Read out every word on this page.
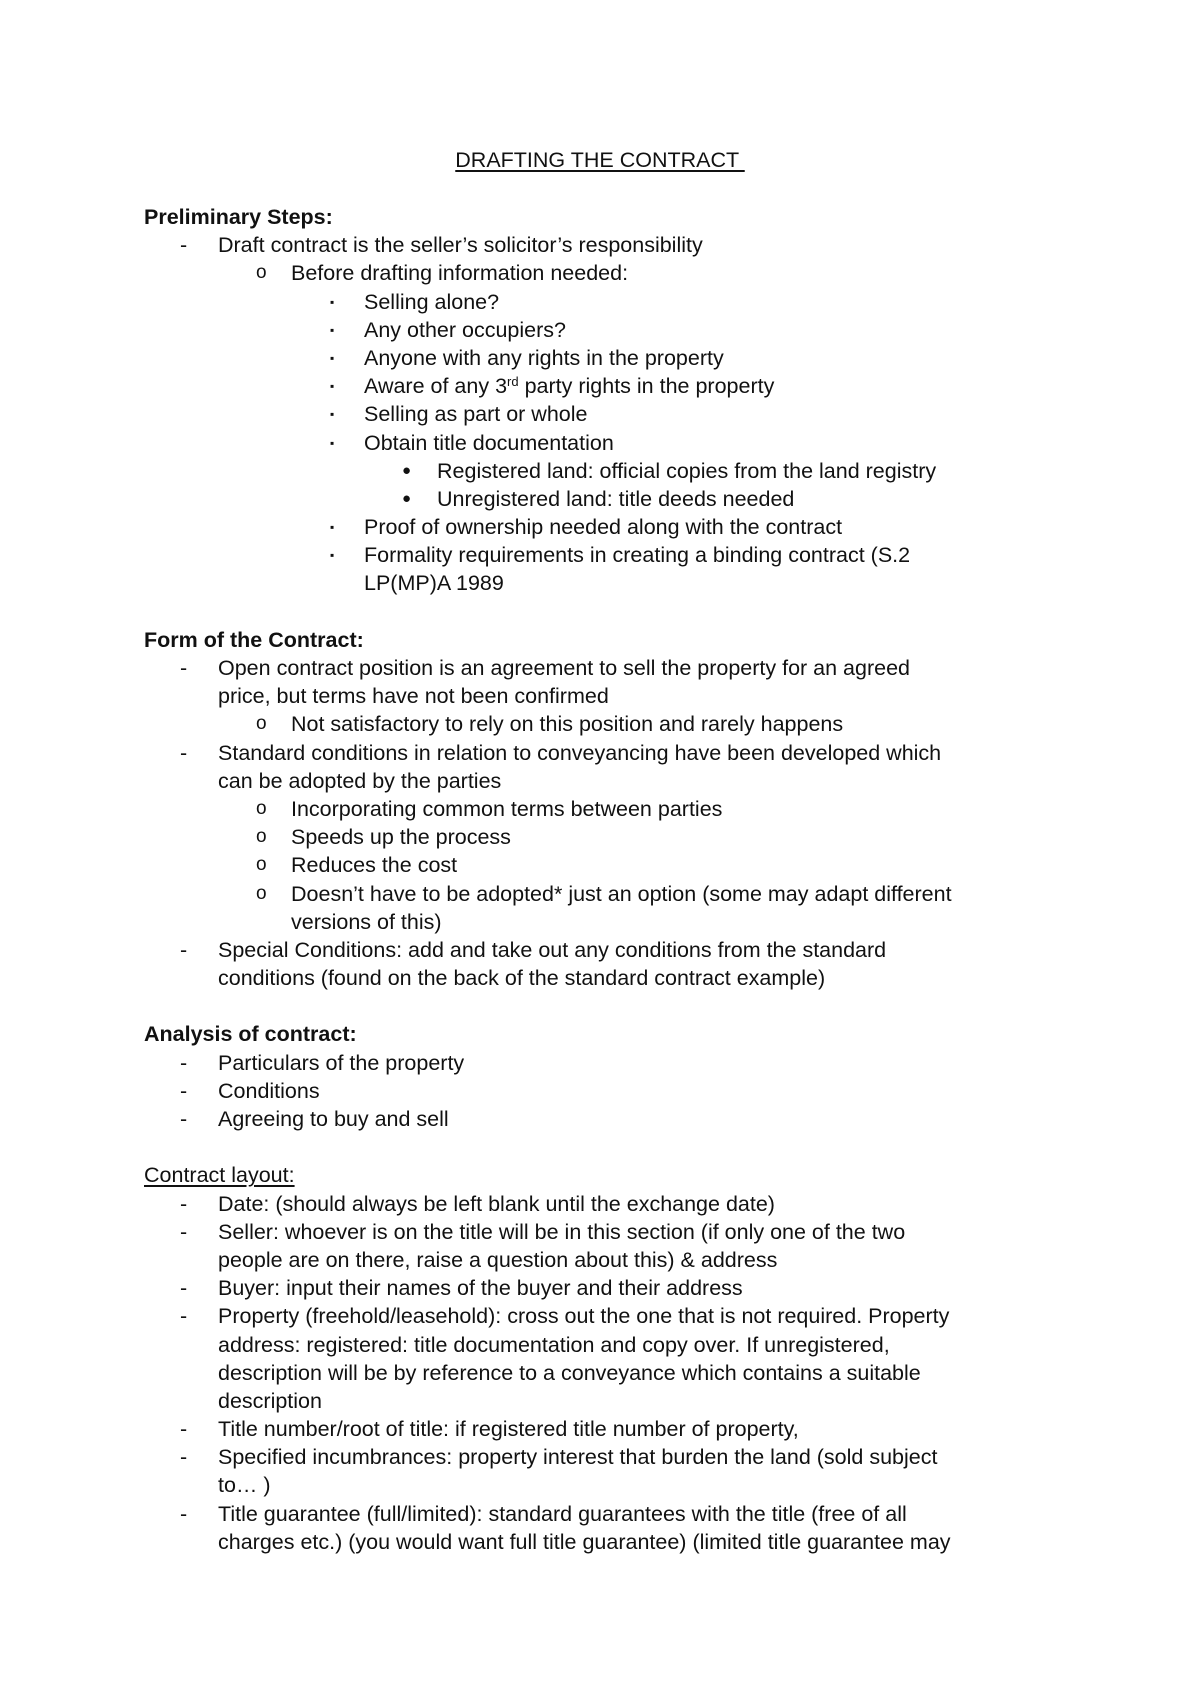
DRAFTING THE CONTRACT
Preliminary Steps:
- Draft contract is the seller’s solicitor’s responsibility
o Before drafting information needed:
▪ Selling alone?
▪ Any other occupiers?
▪ Anyone with any rights in the property
▪ Aware of any 3rd party rights in the property
▪ Selling as part or whole
▪ Obtain title documentation
● Registered land: official copies from the land registry
● Unregistered land: title deeds needed
▪ Proof of ownership needed along with the contract
▪ Formality requirements in creating a binding contract (S.2
LP(MP)A 1989
Form of the Contract:
- Open contract position is an agreement to sell the property for an agreed
price, but terms have not been confirmed
o Not satisfactory to rely on this position and rarely happens
- Standard conditions in relation to conveyancing have been developed which
can be adopted by the parties
o Incorporating common terms between parties
o Speeds up the process
o Reduces the cost
o Doesn’t have to be adopted* just an option (some may adapt different
versions of this)
- Special Conditions: add and take out any conditions from the standard
conditions (found on the back of the standard contract example)
Analysis of contract:
- Particulars of the property
- Conditions
- Agreeing to buy and sell
Contract layout:
- Date: (should always be left blank until the exchange date)
- Seller: whoever is on the title will be in this section (if only one of the two
people are on there, raise a question about this) & address
- Buyer: input their names of the buyer and their address
- Property (freehold/leasehold): cross out the one that is not required. Property
address: registered: title documentation and copy over. If unregistered,
description will be by reference to a conveyance which contains a suitable
description
- Title number/root of title: if registered title number of property,
- Specified incumbrances: property interest that burden the land (sold subject
to… )
- Title guarantee (full/limited): standard guarantees with the title (free of all
charges etc.) (you would want full title guarantee) (limited title guarantee may
